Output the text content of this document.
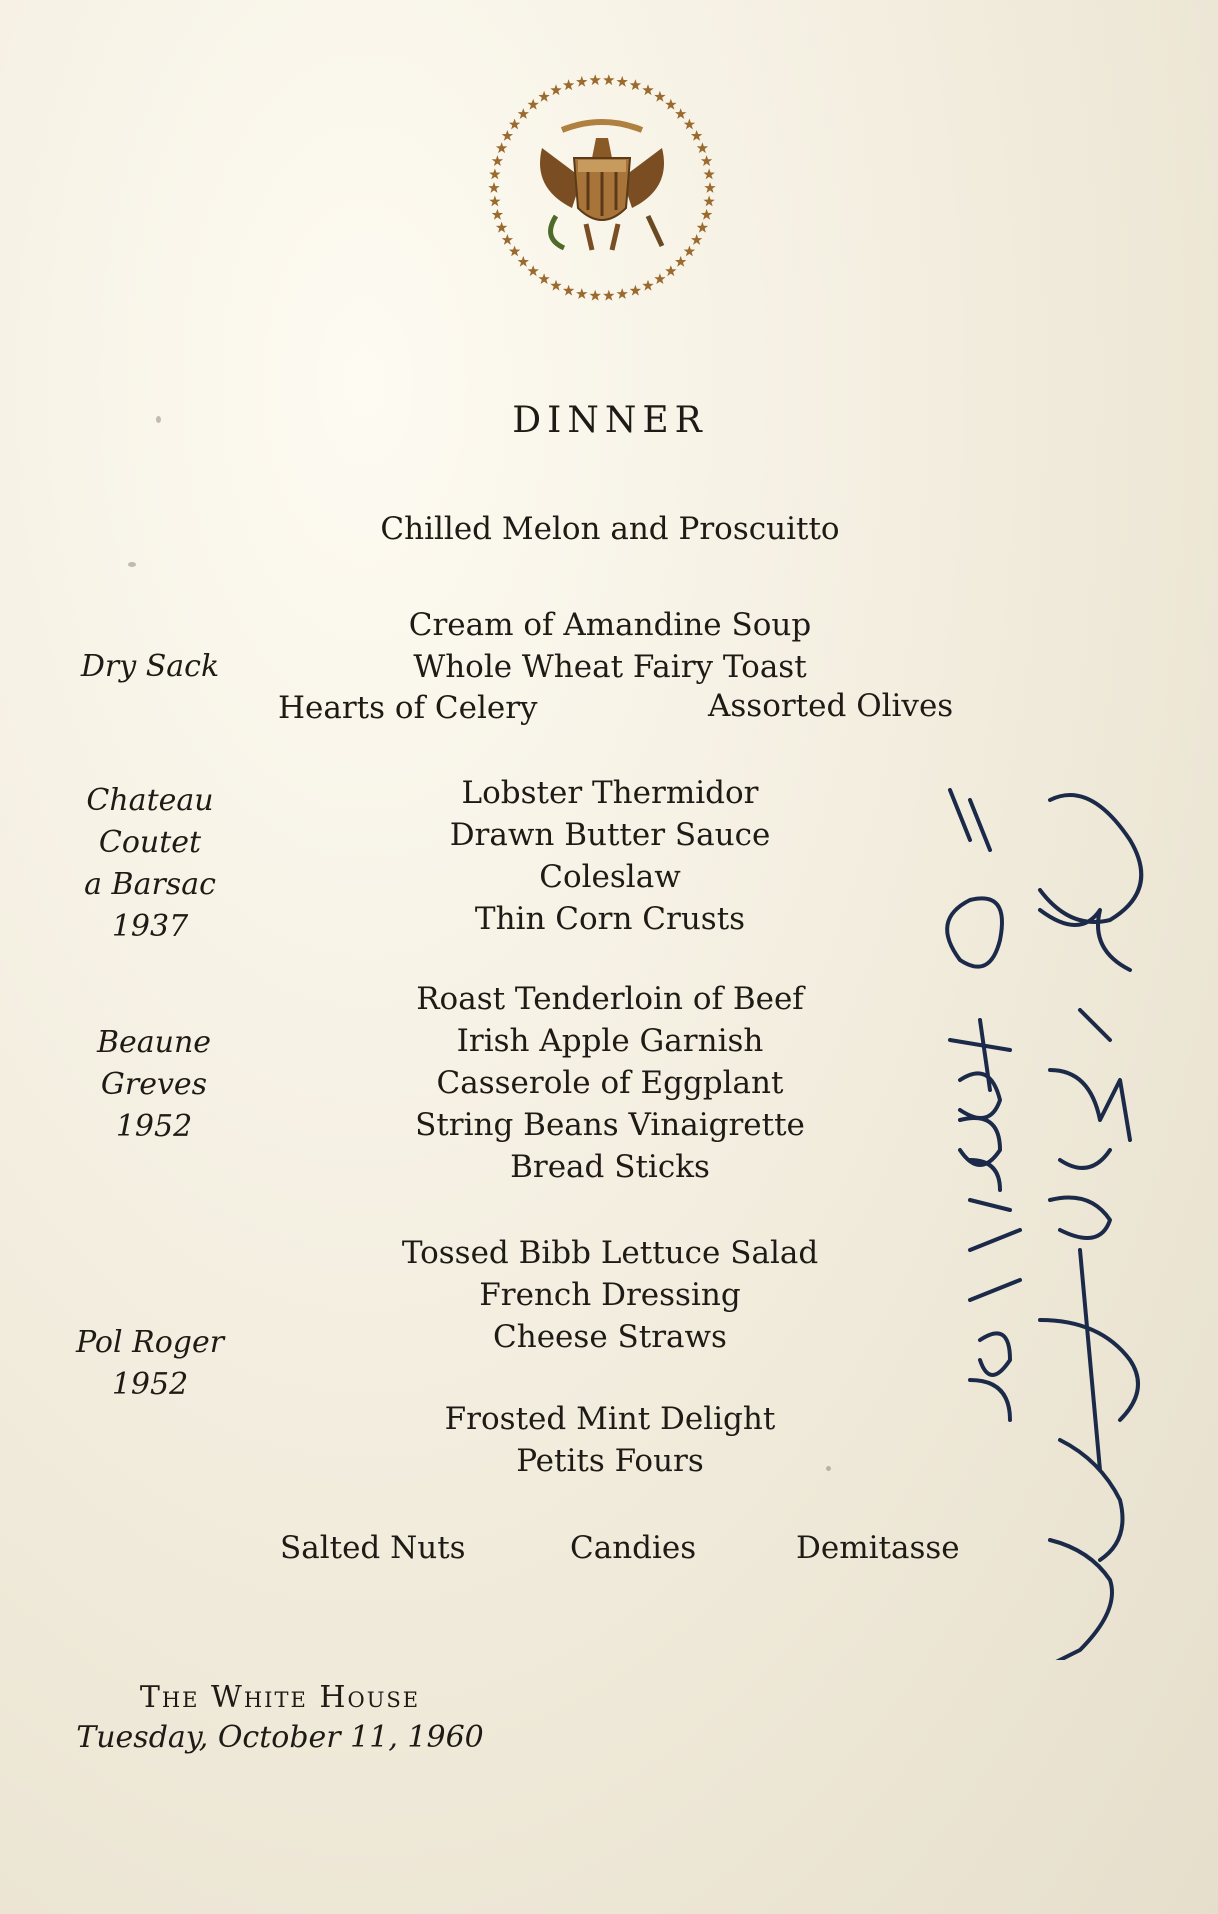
DINNER
Chilled Melon and Proscuitto
Cream of Amandine Soup
Whole Wheat Fairy Toast
Hearts of Celery	Assorted Olives
Lobster Thermidor
Drawn Butter Sauce
Coleslaw
Thin Corn Crusts
Roast Tenderloin of Beef
Irish Apple Garnish
Casserole of Eggplant
String Beans Vinaigrette
Bread Sticks
Tossed Bibb Lettuce Salad
French Dressing
Cheese Straws
Frosted Mint Delight
Petits Fours
Salted Nuts	Candies	Demitasse
Dry Sack
Chateau
Coutet
a Barsac
1937
Beaune
Greves
1952
Pol Roger
1952
The White House
Tuesday, October 11, 1960
